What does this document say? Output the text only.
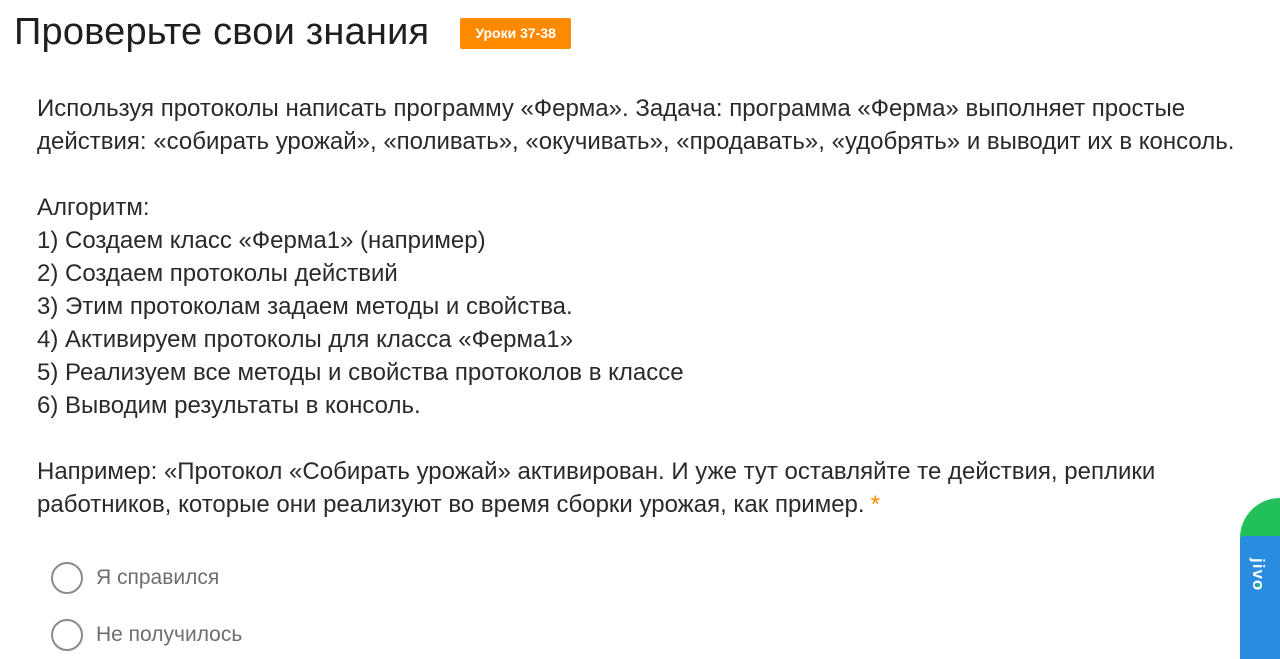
Проверьте свои знания	Уроки 37-38

Используя протоколы написать программу «Ферма». Задача: программа «Ферма» выполняет простые

действия: «собирать урожай», «поливать», «окучивать», «продавать», «удобрять» и выводит их в консоль.

Алгоритм:

1) Создаем класс «Ферма1» (например)

2) Создаем протоколы действий

3) Этим протоколам задаем методы и свойства.

4) Активируем протоколы для класса «Ферма1»

5) Реализуем все методы и свойства протоколов в классе

6) Выводим результаты в консоль.

Например: «Протокол «Собирать урожай» активирован. И уже тут оставляйте те действия, реплики

работников, которые они реализуют во время сборки урожая, как пример. *

Я справился
Не получилось
jivo
